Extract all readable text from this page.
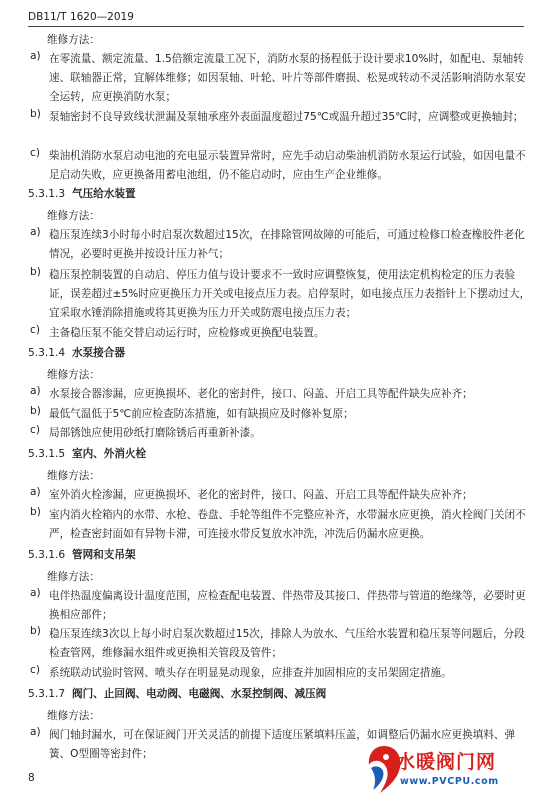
DB11/T 1620—2019
维修方法：
a) 在零流量、额定流量、1.5倍额定流量工况下，消防水泵的扬程低于设计要求10%时，如配电、泵轴转速、联轴器正常，宜解体维修；如因泵轴、叶轮、叶片等部件磨损、松晃或转动不灵活影响消防水泵安全运转，应更换消防水泵；
b) 泵轴密封不良导致线状泄漏及泵轴承座外表面温度超过75℃或温升超过35℃时，应调整或更换轴封；
c) 柴油机消防水泵启动电池的充电显示装置异常时，应先手动启动柴油机消防水泵运行试验，如因电量不足启动失败，应更换备用蓄电池组，仍不能启动时，应由生产企业维修。
5.3.1.3 气压给水装置
维修方法：
a) 稳压泵连续3小时每小时启泵次数超过15次，在排除管网故障的可能后，可通过检修口检查橡胶件老化情况，必要时更换并按设计压力补气；
b) 稳压泵控制装置的自动启、停压力值与设计要求不一致时应调整恢复，使用法定机构检定的压力表验证，误差超过±5%时应更换压力开关或电接点压力表。启停泵时，如电接点压力表指针上下摆动过大，宜采取水锤消除措施或将其更换为压力开关或防震电接点压力表；
c) 主备稳压泵不能交替启动运行时，应检修或更换配电装置。
5.3.1.4 水泵接合器
维修方法：
a) 水泵接合器渗漏，应更换损坏、老化的密封件，接口、闷盖、开启工具等配件缺失应补齐；
b) 最低气温低于5℃前应检查防冻措施，如有缺损应及时修补复原；
c) 局部锈蚀应使用砂纸打磨除锈后再重新补漆。
5.3.1.5 室内、外消火栓
维修方法：
a) 室外消火栓渗漏，应更换损坏、老化的密封件，接口、闷盖、开启工具等配件缺失应补齐；
b) 室内消火栓箱内的水带、水枪、卷盘、手轮等组件不完整应补齐，水带漏水应更换，消火栓阀门关闭不严，检查密封面如有异物卡滞，可连接水带反复放水冲洗，冲洗后仍漏水应更换。
5.3.1.6 管网和支吊架
维修方法：
a) 电伴热温度偏离设计温度范围，应检查配电装置、伴热带及其接口、伴热带与管道的绝缘等，必要时更换相应部件；
b) 稳压泵连续3次以上每小时启泵次数超过15次，排除人为放水、气压给水装置和稳压泵等问题后，分段检查管网，维修漏水组件或更换相关管段及管件；
c) 系统联动试验时管网、喷头存在明显晃动现象，应排查并加固相应的支吊架固定措施。
5.3.1.7 阀门、止回阀、电动阀、电磁阀、水泵控制阀、减压阀
维修方法：
a) 阀门轴封漏水，可在保证阀门开关灵活的前提下适度压紧填料压盖，如调整后仍漏水应更换填料、弹簧、O型圈等密封件；
8
水暖阀门网
www.PVCPU.com
